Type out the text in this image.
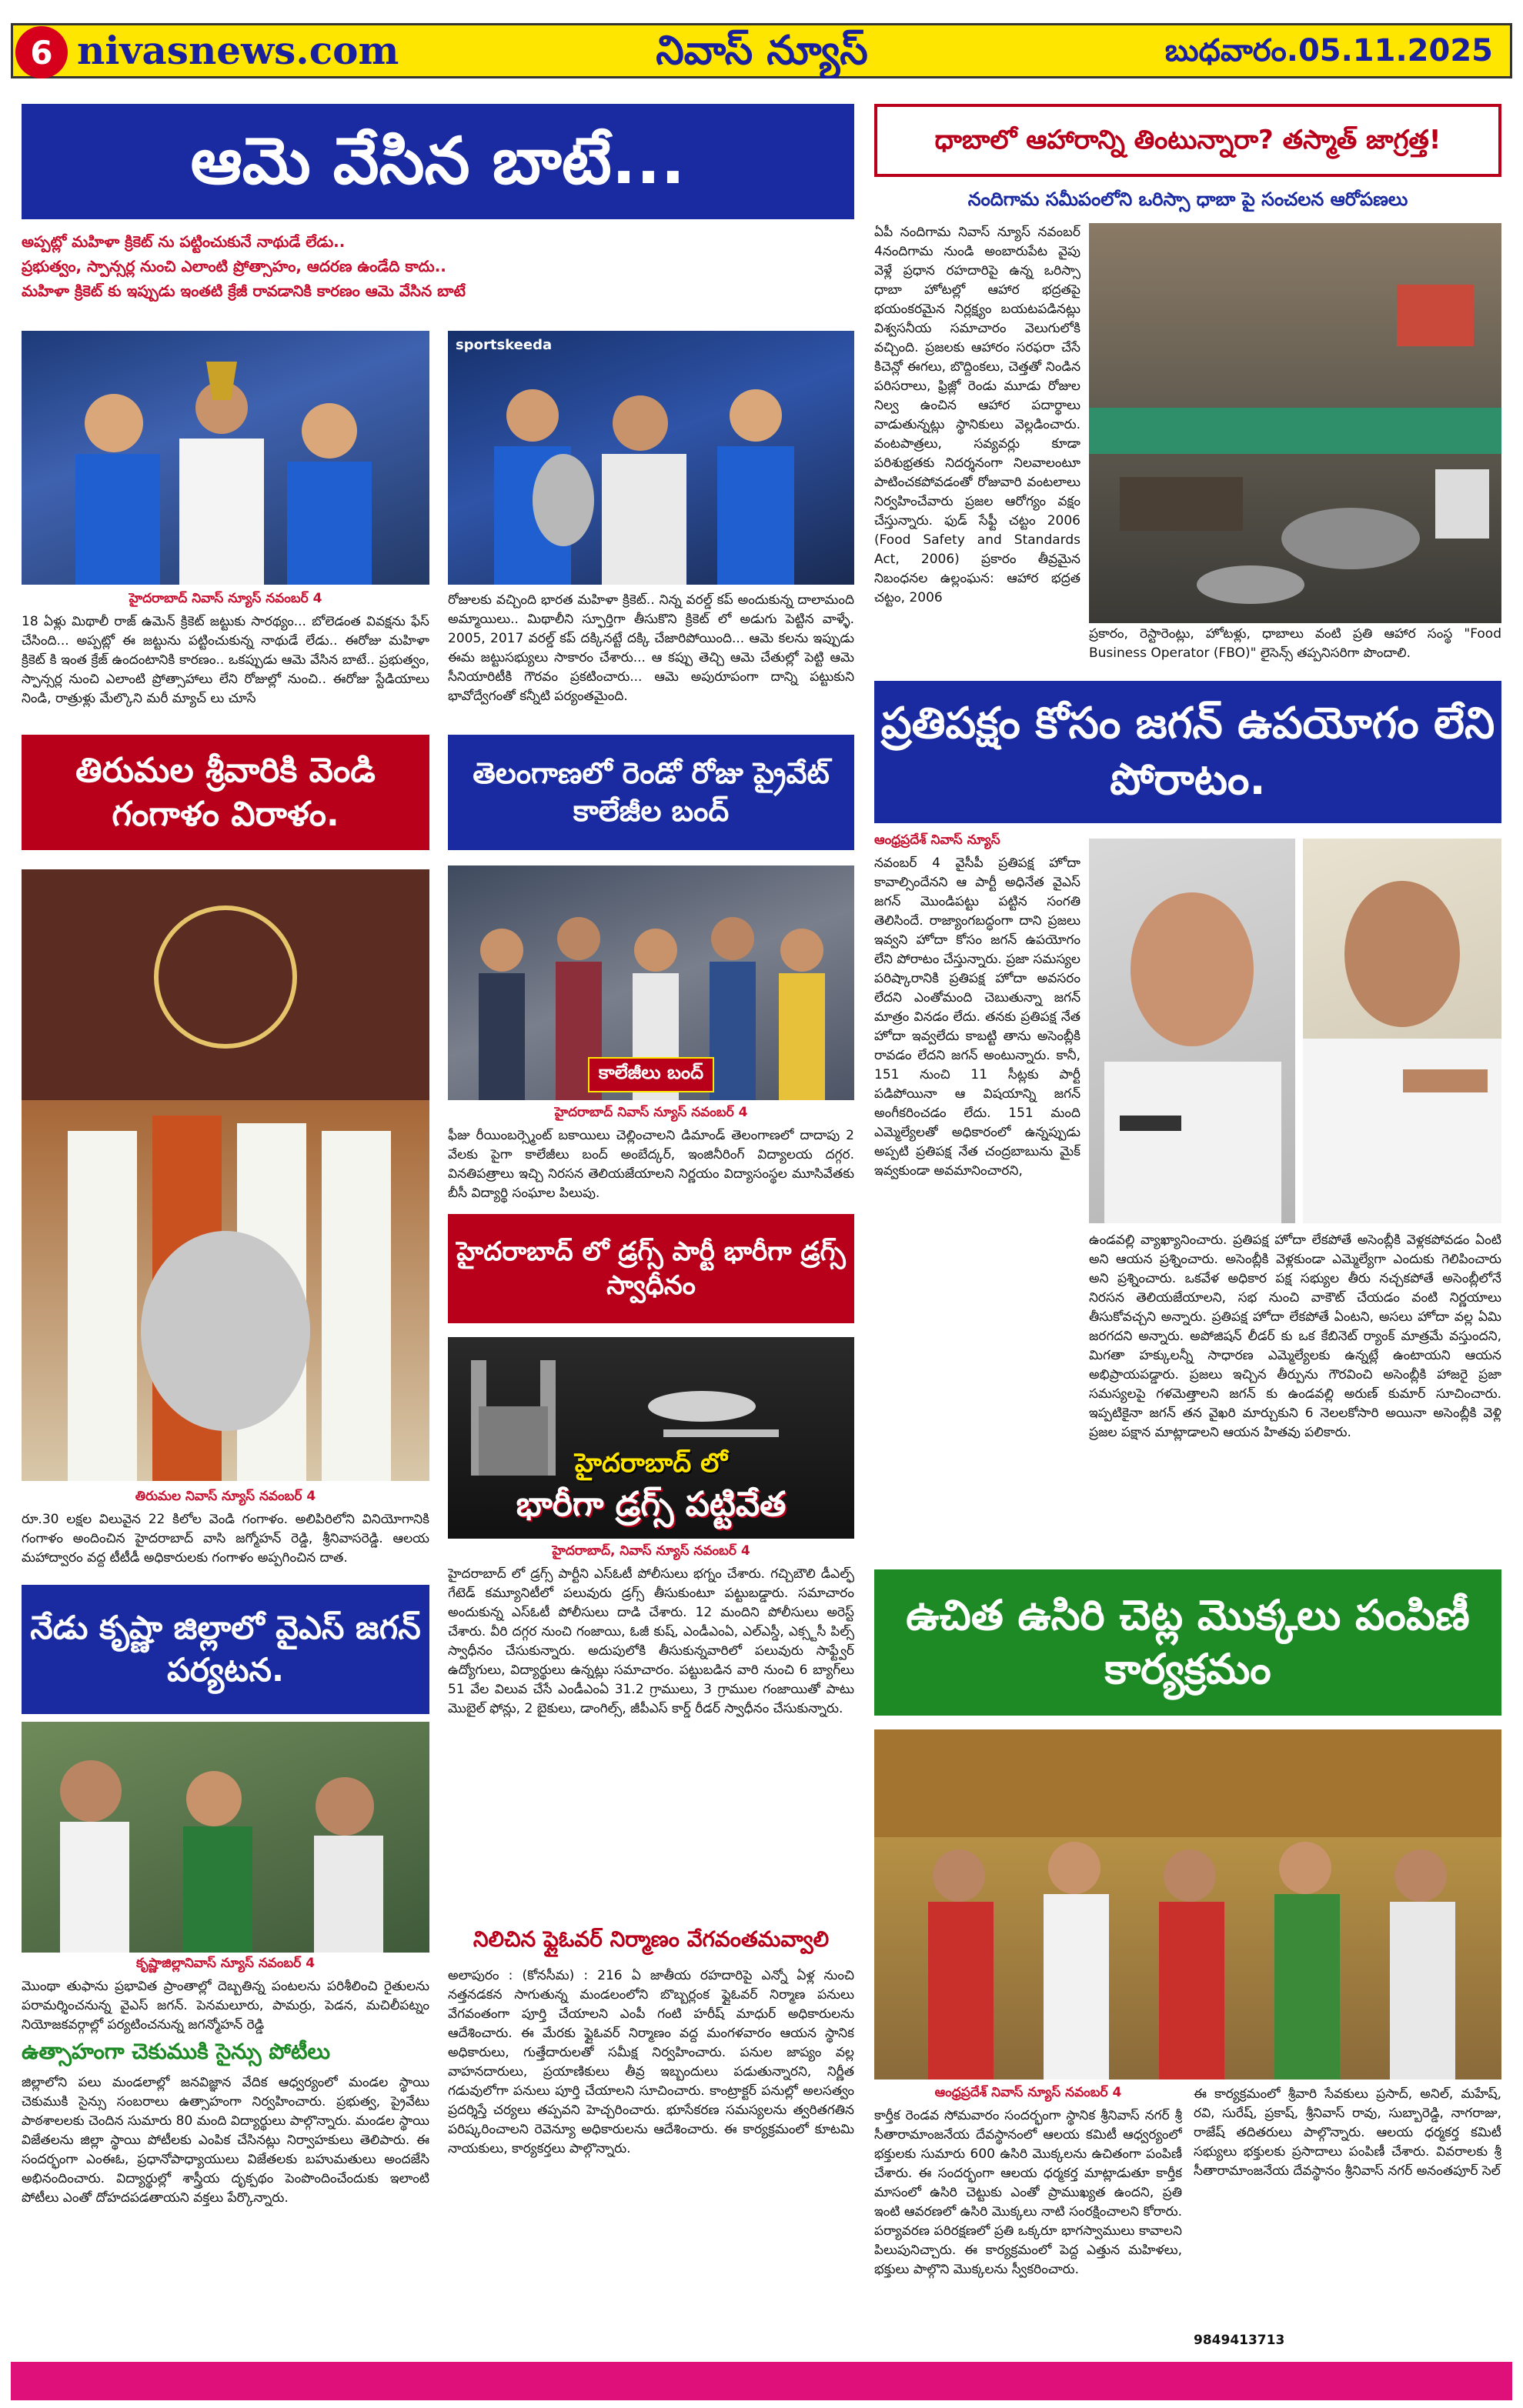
6 nivasnews.com	నివాస్ న్యూస్	బుధవారం.05.11.2025
ఆమె వేసిన బాటే...
అప్పట్లో మహిళా క్రికెట్ ను పట్టించుకునే నాథుడే లేడు..
ప్రభుత్వం, స్పాన్సర్ల నుంచి ఎలాంటి ప్రోత్సాహం, ఆదరణ ఉండేది కాదు..
మహిళా క్రికెట్ కు ఇప్పుడు ఇంతటి క్రేజీ రావడానికి కారణం ఆమె వేసిన బాటే
sportskeeda
హైదరాబాద్ నివాస్ న్యూస్ నవంబర్ 4
18 ఏళ్లు మిథాలీ రాజ్ ఉమెన్ క్రికెట్ జట్టుకు సారథ్యం... బోలెడంత వివక్షను ఫేస్ చేసింది... అప్పట్లో ఈ జట్టును పట్టించుకున్న నాథుడే లేడు.. ఈరోజు మహిళా క్రికెట్ కి ఇంత క్రేజ్ ఉందంటానికి కారణం.. ఒకప్పుడు ఆమె వేసిన బాటే.. ప్రభుత్వం, స్పాన్సర్ల నుంచి ఎలాంటి ప్రోత్సాహాలు లేని రోజుల్లో నుంచి.. ఈరోజు స్టేడియాలు నిండి, రాత్రుళ్లు మేల్కొని మరీ మ్యాచ్ లు చూసే
రోజులకు వచ్చింది భారత మహిళా క్రికెట్.. నిన్న వరల్డ్ కప్ అందుకున్న దాలామంది అమ్మాయిలు.. మిథాలీని స్ఫూర్తిగా తీసుకొని క్రికెట్ లో అడుగు పెట్టిన వాళ్ళే. 2005, 2017 వరల్డ్ కప్ దక్కినట్టే దక్కి చేజారిపోయింది... ఆమె కలను ఇప్పుడు ఈమ జట్టుసభ్యులు సాకారం చేశారు... ఆ కప్పు తెచ్చి ఆమె చేతుల్లో పెట్టి ఆమె సీనియారిటీకి గౌరవం ప్రకటించారు... ఆమె అపురూపంగా దాన్ని పట్టుకుని భావోద్వేగంతో కన్నీటి పర్యంతమైంది.
ధాబాలో ఆహారాన్ని తింటున్నారా? తస్మాత్ జాగ్రత్త!
నందిగామ సమీపంలోని ఒరిస్సా ధాబా పై సంచలన ఆరోపణలు
ఏపీ నందిగామ నివాస్ న్యూస్ నవంబర్ 4నందిగామ నుండి అంబారుపేట వైపు వెళ్లే ప్రధాన రహదారిపై ఉన్న ఒరిస్సా ధాబా హోటల్లో ఆహార భద్రతపై భయంకరమైన నిర్లక్ష్యం బయటపడినట్లు విశ్వసనీయ సమాచారం వెలుగులోకి వచ్చింది. ప్రజలకు ఆహారం సరఫరా చేసే కిచెన్లో ఈగలు, బొద్దింకలు, చెత్తతో నిండిన పరిసరాలు, ఫ్రిజ్లో రెండు మూడు రోజుల నిల్వ ఉంచిన ఆహార పదార్థాలు వాడుతున్నట్లు స్థానికులు వెల్లడించారు. వంటపాత్రలు, సవ్యవర్లు కూడా పరిశుభ్రతకు నిదర్శనంగా నిలవాలంటూ పాటించకపోవడంతో రోజువారి వంటలాలు నిర్వహించేవారు ప్రజల ఆరోగ్యం వక్షం చేస్తున్నారు. ఫుడ్ సేఫ్టీ చట్టం 2006 (Food Safety and Standards Act, 2006) ప్రకారం తీవ్రమైన నిబంధనల ఉల్లంఘన: ఆహార భద్రత చట్టం, 2006
ప్రకారం, రెస్టారెంట్లు, హోటళ్లు, ధాబాలు వంటి ప్రతి ఆహార సంస్థ "Food Business Operator (FBO)" లైసెన్స్ తప్పనిసరిగా పొందాలి.
ప్రతిపక్షం కోసం జగన్ ఉపయోగం లేని పోరాటం.
ఆంధ్రప్రదేశ్ నివాస్ న్యూస్
నవంబర్ 4 వైసీపీ ప్రతిపక్ష హోదా కావాల్సిందేనని ఆ పార్టీ అధినేత వైఎస్ జగన్ మొండిపట్టు పట్టిన సంగతి తెలిసిందే. రాజ్యాంగబద్ధంగా దాని ప్రజలు ఇవ్వని హోదా కోసం జగన్ ఉపయోగం లేని పోరాటం చేస్తున్నారు. ప్రజా సమస్యల పరిష్కారానికి ప్రతిపక్ష హోదా అవసరం లేదని ఎంతోమంది చెబుతున్నా జగన్ మాత్రం వినడం లేదు. తనకు ప్రతిపక్ష నేత హోదా ఇవ్వలేదు కాబట్టి తాను అసెంబ్లీకి రావడం లేదని జగన్ అంటున్నారు. కానీ, 151 నుంచి 11 సీట్లకు పార్టీ పడిపోయినా ఆ విషయాన్ని జగన్ అంగీకరించడం లేదు. 151 మంది ఎమ్మెల్యేలతో అధికారంలో ఉన్నప్పుడు అప్పటి ప్రతిపక్ష నేత చంద్రబాబును మైక్ ఇవ్వకుండా అవమానించారని,
ఉండవల్లి వ్యాఖ్యానించారు. ప్రతిపక్ష హోదా లేకపోతే అసెంబ్లీకి వెళ్లకపోవడం ఏంటి అని ఆయన ప్రశ్నించారు. అసెంబ్లీకి వెళ్లకుండా ఎమ్మెల్యేగా ఎందుకు గెలిపించారు అని ప్రశ్నించారు. ఒకవేళ అధికార పక్ష సభ్యుల తీరు నచ్చకపోతే అసెంబ్లీలోనే నిరసన తెలియజేయాలని, సభ నుంచి వాకౌట్ చేయడం వంటి నిర్ణయాలు తీసుకోవచ్చని అన్నారు. ప్రతిపక్ష హోదా లేకపోతే ఏంటని, అసలు హోదా వల్ల ఏమి జరగదని అన్నారు. అపోజిషన్ లీడర్ కు ఒక కేబినెట్ ర్యాంక్ మాత్రమే వస్తుందని, మిగతా హక్కులన్నీ సాధారణ ఎమ్మెల్యేలకు ఉన్నట్లే ఉంటాయని ఆయన అభిప్రాయపడ్డారు. ప్రజలు ఇచ్చిన తీర్పును గౌరవించి అసెంబ్లీకి హాజరై ప్రజా సమస్యలపై గళమెత్తాలని జగన్ కు ఉండవల్లి అరుణ్ కుమార్ సూచించారు. ఇప్పటికైనా జగన్ తన వైఖరి మార్చుకుని 6 నెలలకోసారి అయినా అసెంబ్లీకి వెళ్లి ప్రజల పక్షాన మాట్లాడాలని ఆయన హితవు పలికారు.
తిరుమల శ్రీవారికి వెండి గంగాళం విరాళం.
తిరుమల నివాస్ న్యూస్ నవంబర్ 4
రూ.30 లక్షల విలువైన 22 కిలోల వెండి గంగాళం. అలిపిరిలోని వినియోగానికి గంగాళం అందించిన హైదరాబాద్ వాసి జగ్మోహన్ రెడ్డి, శ్రీనివాసరెడ్డి. ఆలయ మహాద్వారం వద్ద టీటీడీ అధికారులకు గంగాళం అప్పగించిన దాత.
తెలంగాణలో రెండో రోజు ప్రైవేట్ కాలేజీల బంద్
కాలేజీలు బంద్
హైదరాబాద్ నివాస్ న్యూస్ నవంబర్ 4
ఫీజు రీయింబర్స్మెంట్ బకాయిలు చెల్లించాలని డిమాండ్ తెలంగాణలో దాదాపు 2 వేలకు పైగా కాలేజీలు బంద్ అంబేద్కర్, ఇంజినీరింగ్ విద్యాలయ దగ్గర. వినతిపత్రాలు ఇచ్చి నిరసన తెలియజేయాలని నిర్ణయం విద్యాసంస్థల మూసివేతకు బీసీ విద్యార్థి సంఘాల పిలుపు.
హైదరాబాద్ లో డ్రగ్స్ పార్టీ భారీగా డ్రగ్స్ స్వాధీనం
హైదరాబాద్ లో
భారీగా డ్రగ్స్ పట్టివేత
హైదరాబాద్, నివాస్ న్యూస్ నవంబర్ 4
హైదరాబాద్ లో డ్రగ్స్ పార్టీని ఎస్ఓటీ పోలీసులు భగ్నం చేశారు. గచ్చిబౌలి డీఎల్ఫ్ గేటెడ్ కమ్యూనిటీలో పలువురు డ్రగ్స్ తీసుకుంటూ పట్టుబడ్డారు. సమాచారం అందుకున్న ఎస్ఓటీ పోలీసులు దాడి చేశారు. 12 మందిని పోలీసులు అరెస్ట్ చేశారు. వీరి దగ్గర నుంచి గంజాయి, ఓజీ కుష్, ఎండీఎంఏ, ఎల్ఎస్డీ, ఎక్స్టసీ పిల్స్ స్వాధీనం చేసుకున్నారు. అదుపులోకి తీసుకున్నవారిలో పలువురు సాఫ్ట్వేర్ ఉద్యోగులు, విద్యార్థులు ఉన్నట్లు సమాచారం. పట్టుబడిన వారి నుంచి 6 బ్యాగ్‌లు 51 వేల విలువ చేసే ఎండీఎంఏ 31.2 గ్రాములు, 3 గ్రాముల గంజాయితో పాటు మొబైల్ ఫోన్లు, 2 బైకులు, డాంగిల్స్, జీపీఎస్ కార్డ్ రీడర్ స్వాధీనం చేసుకున్నారు.
నేడు కృష్ణా జిల్లాలో వైఎస్ జగన్ పర్యటన.
కృష్ణాజిల్లానివాస్ న్యూస్ నవంబర్ 4
మొంథా తుఫాను ప్రభావిత ప్రాంతాల్లో దెబ్బతిన్న పంటలను పరిశీలించి రైతులను పరామర్శించనున్న వైఎస్ జగన్. పెనమలూరు, పామర్రు, పెడన, మచిలీపట్నం నియోజకవర్గాల్లో పర్యటించనున్న జగన్మోహన్ రెడ్డి
ఉత్సాహంగా చెకుముకి సైన్సు పోటీలు
జిల్లాలోని పలు మండలాల్లో జనవిజ్ఞాన వేదిక ఆధ్వర్యంలో మండల స్థాయి చెకుముకి సైన్సు సంబరాలు ఉత్సాహంగా నిర్వహించారు. ప్రభుత్వ, ప్రైవేటు పాఠశాలలకు చెందిన సుమారు 80 మంది విద్యార్థులు పాల్గొన్నారు. మండల స్థాయి విజేతలను జిల్లా స్థాయి పోటీలకు ఎంపిక చేసినట్లు నిర్వాహకులు తెలిపారు. ఈ సందర్భంగా ఎంఈఓ, ప్రధానోపాధ్యాయులు విజేతలకు బహుమతులు అందజేసి అభినందించారు. విద్యార్థుల్లో శాస్త్రీయ దృక్పథం పెంపొందించేందుకు ఇలాంటి పోటీలు ఎంతో దోహదపడతాయని వక్తలు పేర్కొన్నారు.
నిలిచిన ఫ్లైఓవర్ నిర్మాణం వేగవంతమవ్వాలి
అలాపురం : (కోనసీమ) : 216 ఏ జాతీయ రహదారిపై ఎన్నో ఏళ్ల నుంచి నత్తనడకన సాగుతున్న మండలంలోని బొబ్బర్లంక ఫ్లైఓవర్ నిర్మాణ పనులు వేగవంతంగా పూర్తి చేయాలని ఎంపీ గంటి హరీష్ మాధుర్ అధికారులను ఆదేశించారు. ఈ మేరకు ఫ్లైఓవర్ నిర్మాణం వద్ద మంగళవారం ఆయన స్థానిక అధికారులు, గుత్తేదారులతో సమీక్ష నిర్వహించారు. పనుల జాప్యం వల్ల వాహనదారులు, ప్రయాణికులు తీవ్ర ఇబ్బందులు పడుతున్నారని, నిర్ణీత గడువులోగా పనులు పూర్తి చేయాలని సూచించారు. కాంట్రాక్టర్ పనుల్లో అలసత్వం ప్రదర్శిస్తే చర్యలు తప్పవని హెచ్చరించారు. భూసేకరణ సమస్యలను త్వరితగతిన పరిష్కరించాలని రెవెన్యూ అధికారులను ఆదేశించారు. ఈ కార్యక్రమంలో కూటమి నాయకులు, కార్యకర్తలు పాల్గొన్నారు.
ఉచిత ఉసిరి చెట్ల మొక్కలు పంపిణీ కార్యక్రమం
ఆంధ్రప్రదేశ్ నివాస్ న్యూస్ నవంబర్ 4
కార్తీక రెండవ సోమవారం సందర్భంగా స్థానిక శ్రీనివాస్ నగర్ శ్రీ సీతారామాంజనేయ దేవస్థానంలో ఆలయ కమిటీ ఆధ్వర్యంలో భక్తులకు సుమారు 600 ఉసిరి మొక్కలను ఉచితంగా పంపిణీ చేశారు. ఈ సందర్భంగా ఆలయ ధర్మకర్త మాట్లాడుతూ కార్తీక మాసంలో ఉసిరి చెట్టుకు ఎంతో ప్రాముఖ్యత ఉందని, ప్రతి ఇంటి ఆవరణలో ఉసిరి మొక్కలు నాటి సంరక్షించాలని కోరారు. పర్యావరణ పరిరక్షణలో ప్రతి ఒక్కరూ భాగస్వాములు కావాలని పిలుపునిచ్చారు. ఈ కార్యక్రమంలో పెద్ద ఎత్తున మహిళలు, భక్తులు పాల్గొని మొక్కలను స్వీకరించారు.
ఈ కార్యక్రమంలో శ్రీవారి సేవకులు ప్రసాద్, అనిల్, మహేష్, రవి, సురేష్, ప్రకాష్, శ్రీనివాస్ రావు, సుబ్బారెడ్డి, నాగరాజు, రాజేష్ తదితరులు పాల్గొన్నారు. ఆలయ ధర్మకర్త కమిటీ సభ్యులు భక్తులకు ప్రసాదాలు పంపిణీ చేశారు. వివరాలకు శ్రీ సీతారామాంజనేయ దేవస్థానం శ్రీనివాస్ నగర్ అనంతపూర్ సెల్
9849413713
